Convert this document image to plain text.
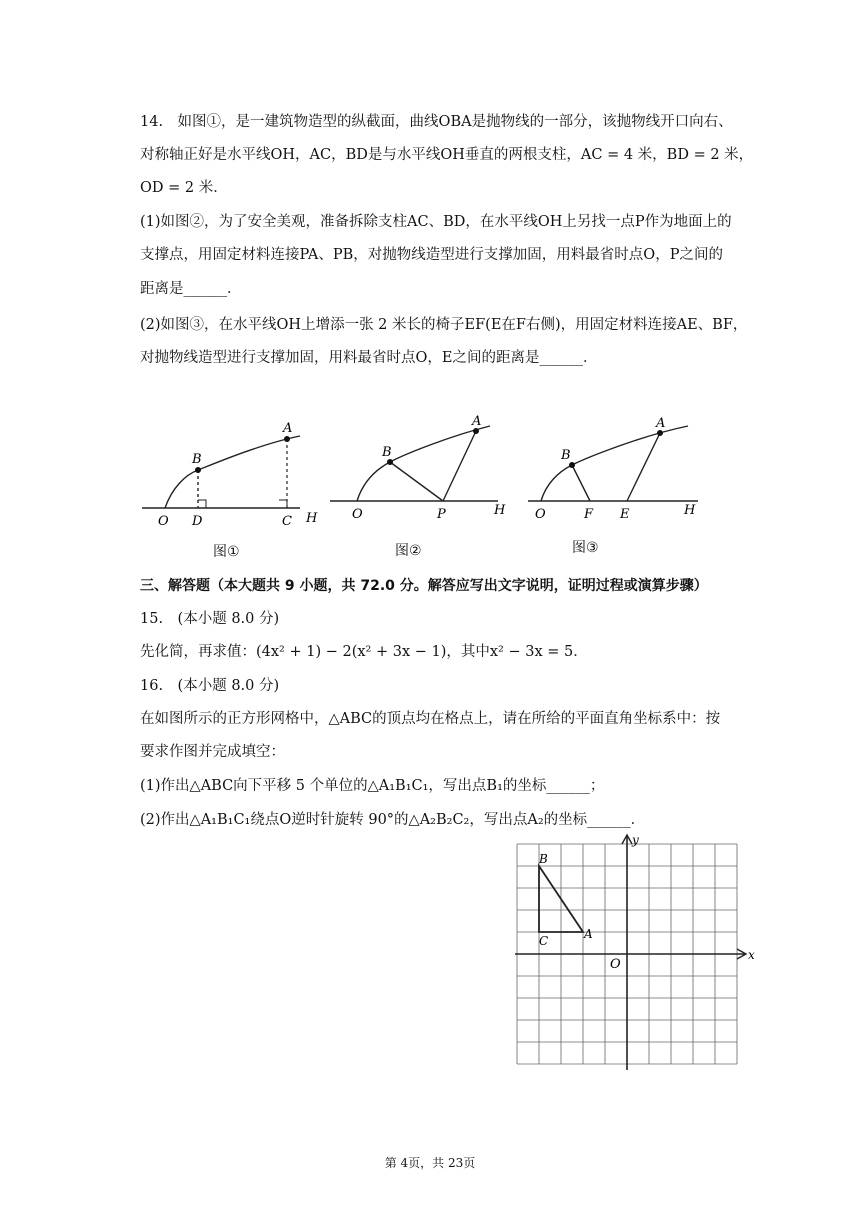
14.　如图①，是一建筑物造型的纵截面，曲线OBA是抛物线的一部分，该抛物线开口向右、
对称轴正好是水平线OH，AC，BD是与水平线OH垂直的两根支柱，AC = 4 米，BD = 2 米，
OD = 2 米．
(1)如图②，为了安全美观，准备拆除支柱AC、BD，在水平线OH上另找一点P作为地面上的
支撑点，用固定材料连接PA、PB，对抛物线造型进行支撑加固，用料最省时点O，P之间的
距离是______．
(2)如图③，在水平线OH上增添一张 2 米长的椅子EF(E在F右侧)，用固定材料连接AE、BF，
对抛物线造型进行支撑加固，用料最省时点O，E之间的距离是______．
A
B
O D	C H
A
B
O	P	H
A
B
O	F E	H
图①	图②	图③
三、解答题（本大题共 9 小题，共 72.0 分。解答应写出文字说明，证明过程或演算步骤）
15.　(本小题 8.0 分)
先化简，再求值：(4x² + 1) − 2(x² + 3x − 1)，其中x² − 3x = 5．
16.　(本小题 8.0 分)
在如图所示的正方形网格中，△ABC的顶点均在格点上，请在所给的平面直角坐标系中：按
要求作图并完成填空：
(1)作出△ABC向下平移 5 个单位的△A₁B₁C₁，写出点B₁的坐标______；
(2)作出△A₁B₁C₁绕点O逆时针旋转 90°的△A₂B₂C₂，写出点A₂的坐标______．
B
C	A
O
x
y
第 4页，共 23页
